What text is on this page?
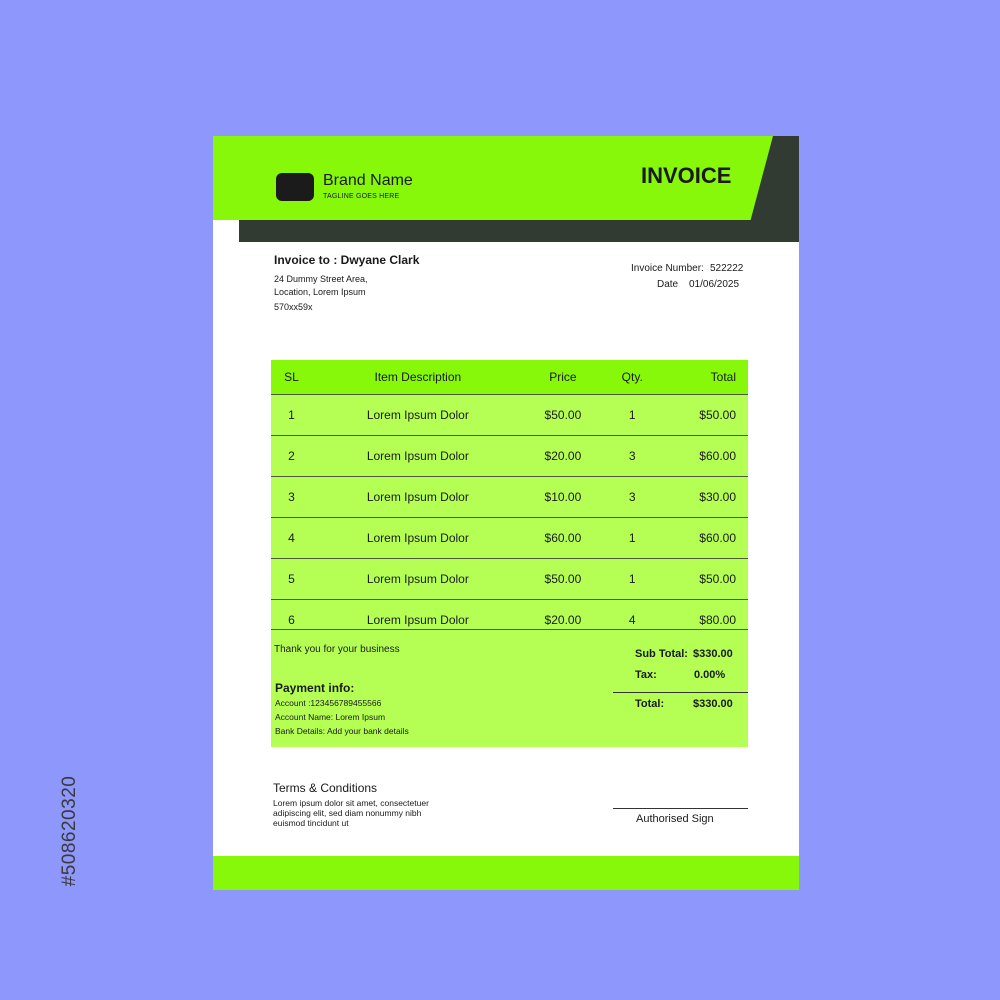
#508620320
Brand Name
TAGLINE GOES HERE
INVOICE
Invoice to : Dwyane Clark
24 Dummy Street Area,
Location, Lorem Ipsum
570xx59x
Invoice Number: 522222
Date 01/06/2025
SL	Item Description	Price	Qty.	Total
1	Lorem Ipsum Dolor	$50.00	1	$50.00
2	Lorem Ipsum Dolor	$20.00	3	$60.00
3	Lorem Ipsum Dolor	$10.00	3	$30.00
4	Lorem Ipsum Dolor	$60.00	1	$60.00
5	Lorem Ipsum Dolor	$50.00	1	$50.00
6	Lorem Ipsum Dolor	$20.00	4	$80.00
Thank you for your business
Payment info:
Account :123456789455566
Account Name: Lorem Ipsum
Bank Details: Add your bank details
Sub Total: $330.00
Tax:	0.00%
Total:	$330.00
Terms & Conditions
Lorem ipsum dolor sit amet, consectetuer adipiscing elit, sed diam nonummy nibh euismod tincidunt ut	Authorised Sign
